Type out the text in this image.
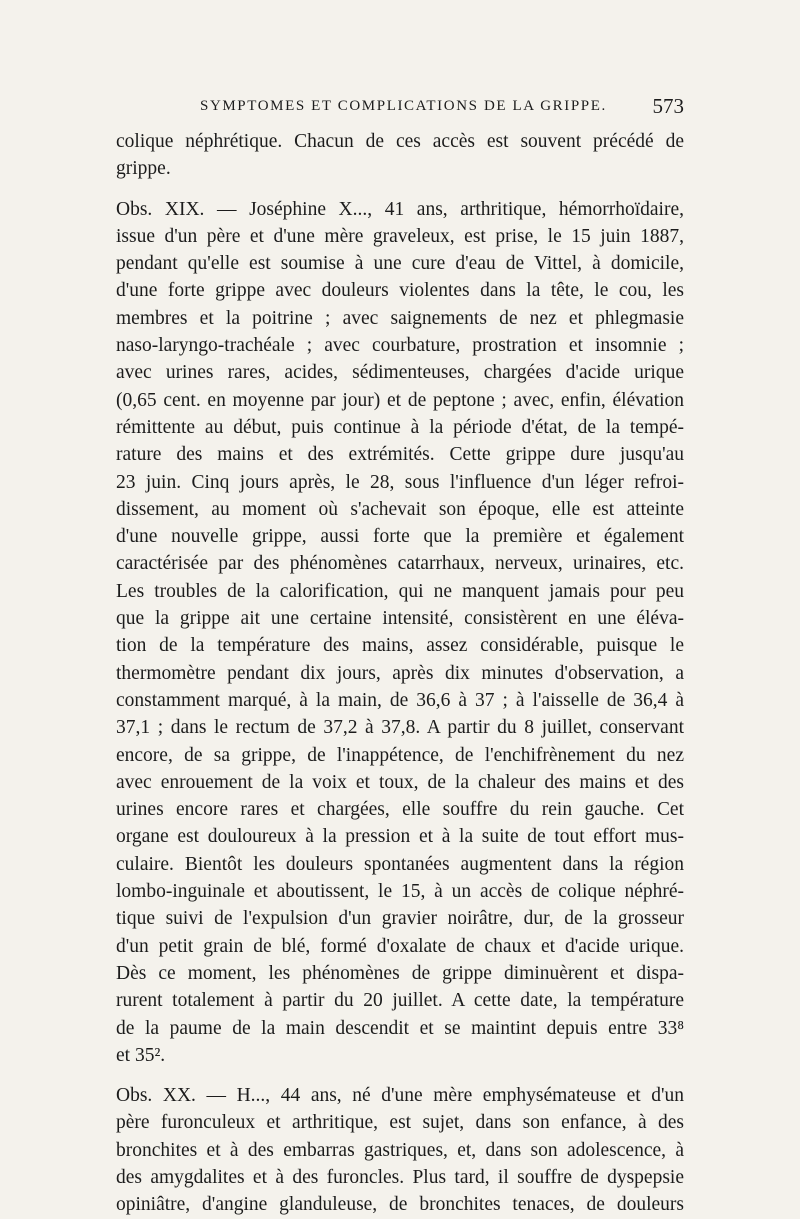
SYMPTOMES ET COMPLICATIONS DE LA GRIPPE. 573
colique néphrétique. Chacun de ces accès est souvent précédé de
grippe.
Obs. XIX. — Joséphine X..., 41 ans, arthritique, hémorrhoïdaire,
issue d'un père et d'une mère graveleux, est prise, le 15 juin 1887,
pendant qu'elle est soumise à une cure d'eau de Vittel, à domicile,
d'une forte grippe avec douleurs violentes dans la tête, le cou, les
membres et la poitrine ; avec saignements de nez et phlegmasie
naso-laryngo-trachéale ; avec courbature, prostration et insomnie ;
avec urines rares, acides, sédimenteuses, chargées d'acide urique
(0,65 cent. en moyenne par jour) et de peptone ; avec, enfin, élévation
rémittente au début, puis continue à la période d'état, de la tempé-
rature des mains et des extrémités. Cette grippe dure jusqu'au
23 juin. Cinq jours après, le 28, sous l'influence d'un léger refroi-
dissement, au moment où s'achevait son époque, elle est atteinte
d'une nouvelle grippe, aussi forte que la première et également
caractérisée par des phénomènes catarrhaux, nerveux, urinaires, etc.
Les troubles de la calorification, qui ne manquent jamais pour peu
que la grippe ait une certaine intensité, consistèrent en une éléva-
tion de la température des mains, assez considérable, puisque le
thermomètre pendant dix jours, après dix minutes d'observation, a
constamment marqué, à la main, de 36,6 à 37 ; à l'aisselle de 36,4 à
37,1 ; dans le rectum de 37,2 à 37,8. A partir du 8 juillet, conservant
encore, de sa grippe, de l'inappétence, de l'enchifrènement du nez
avec enrouement de la voix et toux, de la chaleur des mains et des
urines encore rares et chargées, elle souffre du rein gauche. Cet
organe est douloureux à la pression et à la suite de tout effort mus-
culaire. Bientôt les douleurs spontanées augmentent dans la région
lombo-inguinale et aboutissent, le 15, à un accès de colique néphré-
tique suivi de l'expulsion d'un gravier noirâtre, dur, de la grosseur
d'un petit grain de blé, formé d'oxalate de chaux et d'acide urique.
Dès ce moment, les phénomènes de grippe diminuèrent et dispa-
rurent totalement à partir du 20 juillet. A cette date, la température
de la paume de la main descendit et se maintint depuis entre 33⁸
et 35².
Obs. XX. — H..., 44 ans, né d'une mère emphysémateuse et d'un
père furonculeux et arthritique, est sujet, dans son enfance, à des
bronchites et à des embarras gastriques, et, dans son adolescence, à
des amygdalites et à des furoncles. Plus tard, il souffre de dyspepsie
opiniâtre, d'angine glanduleuse, de bronchites tenaces, de douleurs
